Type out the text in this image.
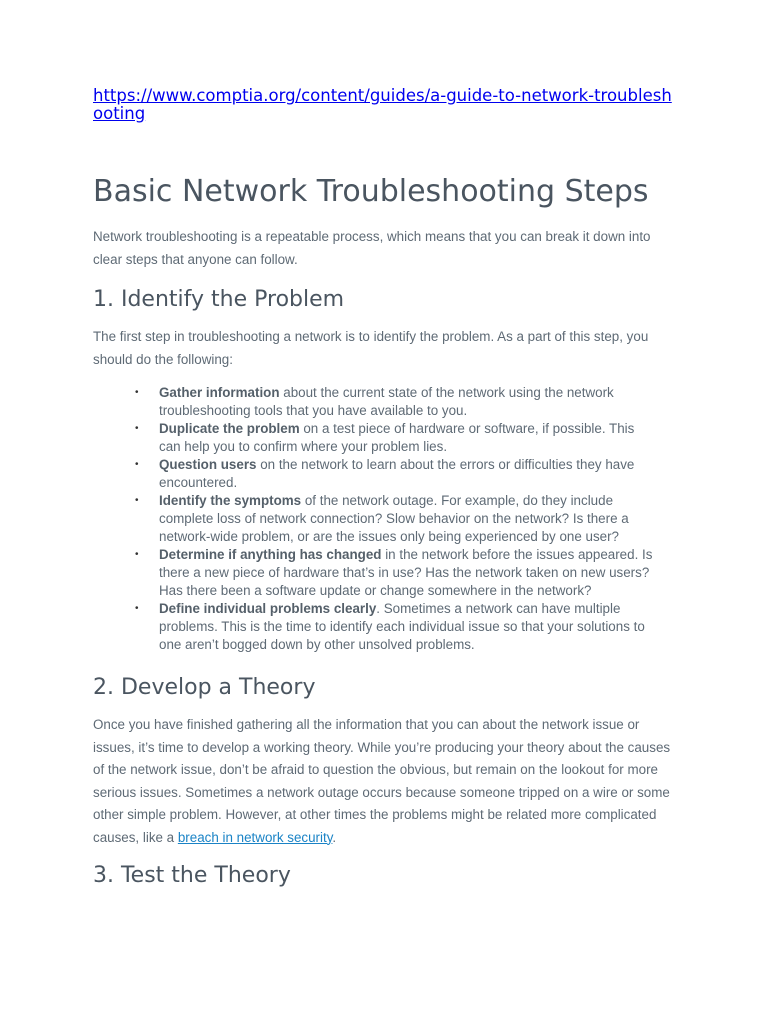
https://www.comptia.org/content/guides/a-guide-to-network-troubleshooting
Basic Network Troubleshooting Steps

Network troubleshooting is a repeatable process, which means that you can break it down into clear steps that anyone can follow.

1. Identify the Problem

The first step in troubleshooting a network is to identify the problem. As a part of this step, you should do the following:

• Gather information about the current state of the network using the network troubleshooting tools that you have available to you.
• Duplicate the problem on a test piece of hardware or software, if possible. This can help you to confirm where your problem lies.
• Question users on the network to learn about the errors or difficulties they have encountered.
• Identify the symptoms of the network outage. For example, do they include complete loss of network connection? Slow behavior on the network? Is there a network-wide problem, or are the issues only being experienced by one user?
• Determine if anything has changed in the network before the issues appeared. Is there a new piece of hardware that’s in use? Has the network taken on new users? Has there been a software update or change somewhere in the network?
• Define individual problems clearly. Sometimes a network can have multiple problems. This is the time to identify each individual issue so that your solutions to one aren’t bogged down by other unsolved problems.
2. Develop a Theory

Once you have finished gathering all the information that you can about the network issue or issues, it’s time to develop a working theory. While you’re producing your theory about the causes of the network issue, don’t be afraid to question the obvious, but remain on the lookout for more serious issues. Sometimes a network outage occurs because someone tripped on a wire or some other simple problem. However, at other times the problems might be related more complicated causes, like a breach in network security.

3. Test the Theory
